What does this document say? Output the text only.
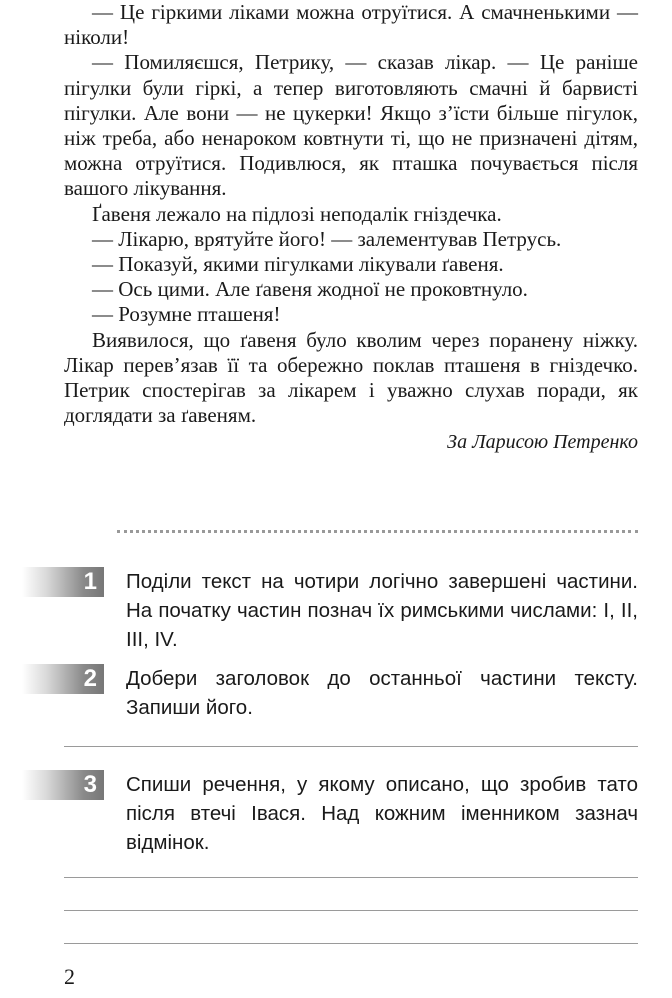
— Це гіркими ліками можна отруїтися. А смачненькими — ніколи!

— Помиляєшся, Петрику, — сказав лікар. — Це раніше пігулки були гіркі, а тепер виготовляють смачні й барвисті пігулки. Але вони — не цукерки! Якщо з’їсти більше пігулок, ніж треба, або ненароком ковтнути ті, що не призначені дітям, можна отруїтися. Подивлюся, як пташка почувається після вашого лікування.

Ґавеня лежало на підлозі неподалік гніздечка.

— Лікарю, врятуйте його! — залементував Петрусь.

— Показуй, якими пігулками лікували ґавеня.

— Ось цими. Але ґавеня жодної не проковтнуло.

— Розумне пташеня!

Виявилося, що ґавеня було кволим через поранену ніжку. Лікар перев’язав її та обережно поклав пташеня в гніздечко. Петрик спостерігав за лікарем і уважно слухав поради, як доглядати за ґавеням.

За Ларисою Петренко
1 Поділи текст на чотири логічно завершені частини. На початку частин познач їх римськими числами: I, II, III, IV.
2 Добери заголовок до останньої частини тексту. Запиши його.
3 Спиши речення, у якому описано, що зробив тато після втечі Івася. Над кожним іменником зазнач відмінок.
2
